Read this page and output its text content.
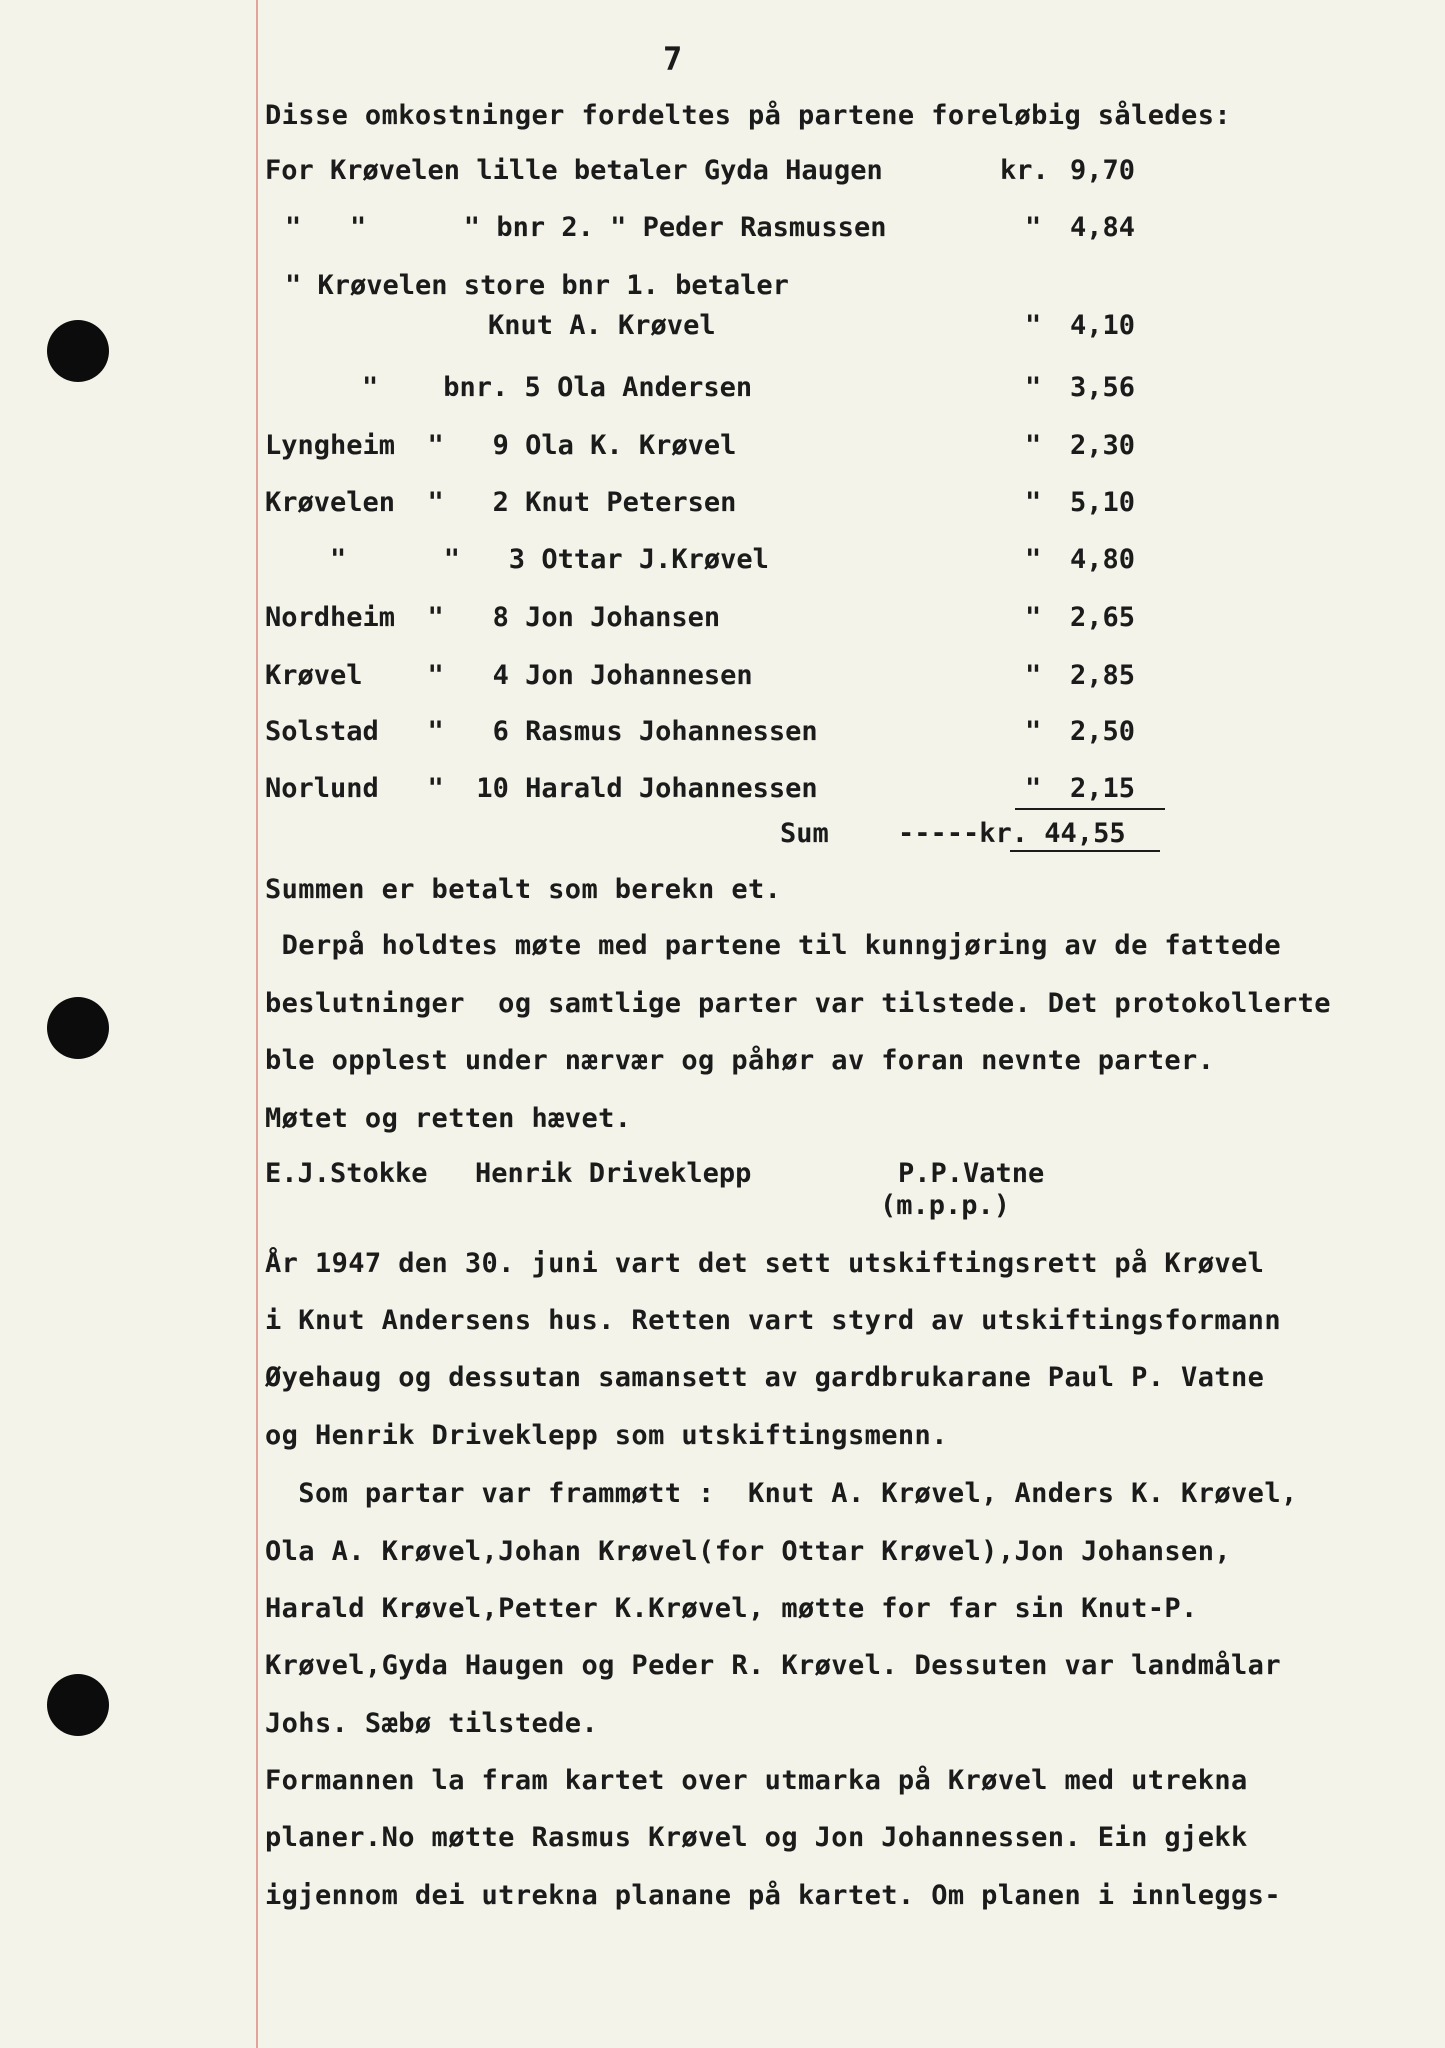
7
Disse omkostninger fordeltes på partene foreløbig således:
For Krøvelen lille betaler Gyda Haugen	kr. 9,70
"   "      " bnr 2. " Peder Rasmussen	" 4,84
" Krøvelen store bnr 1. betaler
Knut A. Krøvel	" 4,10
"    bnr. 5 Ola Andersen	" 3,56
Lyngheim  "   9 Ola K. Krøvel	" 2,30
Krøvelen  "   2 Knut Petersen	" 5,10
"      "   3 Ottar J.Krøvel	" 4,80
Nordheim  "   8 Jon Johansen	" 2,65
Krøvel    "   4 Jon Johannesen	" 2,85
Solstad   "   6 Rasmus Johannessen	" 2,50
Norlund   "  10 Harald Johannessen	" 2,15
Sum	-----kr. 44,55
Summen er betalt som berekn et.
Derpå holdtes møte med partene til kunngjøring av de fattede
beslutninger  og samtlige parter var tilstede. Det protokollerte
ble opplest under nærvær og påhør av foran nevnte parter.
Møtet og retten hævet.
E.J.Stokke Henrik Driveklepp	P.P.Vatne
(m.p.p.)
År 1947 den 30. juni vart det sett utskiftingsrett på Krøvel
i Knut Andersens hus. Retten vart styrd av utskiftingsformann
Øyehaug og dessutan samansett av gardbrukarane Paul P. Vatne
og Henrik Driveklepp som utskiftingsmenn.
Som partar var frammøtt :  Knut A. Krøvel, Anders K. Krøvel,
Ola A. Krøvel,Johan Krøvel(for Ottar Krøvel),Jon Johansen,
Harald Krøvel,Petter K.Krøvel, møtte for far sin Knut-P.
Krøvel,Gyda Haugen og Peder R. Krøvel. Dessuten var landmålar
Johs. Sæbø tilstede.
Formannen la fram kartet over utmarka på Krøvel med utrekna
planer.No møtte Rasmus Krøvel og Jon Johannessen. Ein gjekk
igjennom dei utrekna planane på kartet. Om planen i innleggs-
